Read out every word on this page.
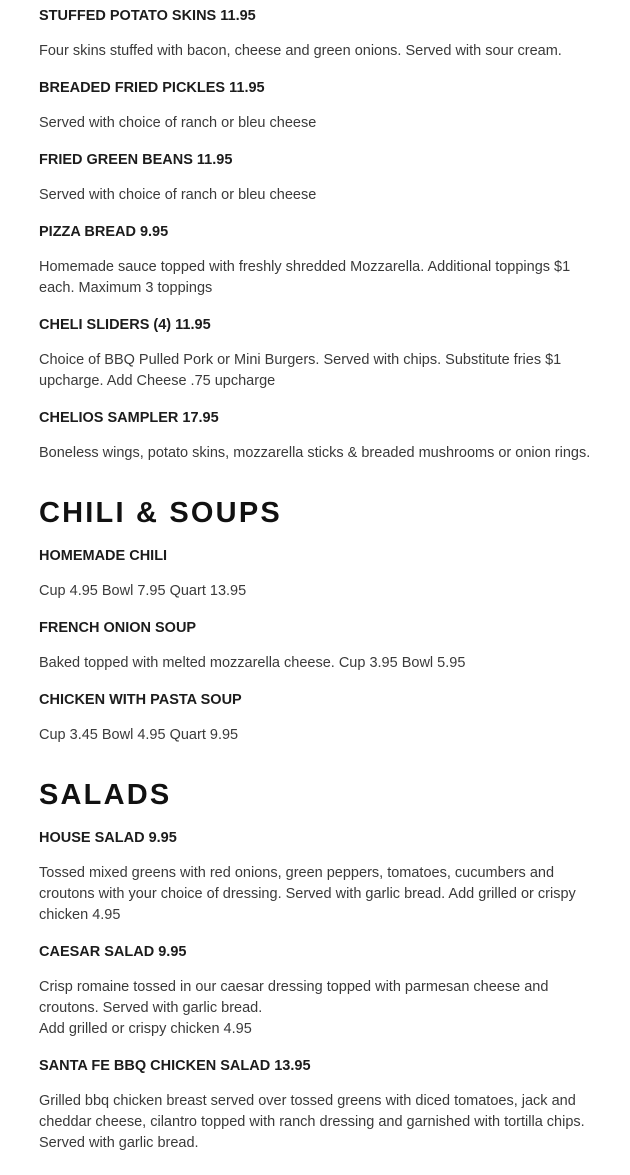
STUFFED POTATO SKINS 11.95
Four skins stuffed with bacon, cheese and green onions. Served with sour cream.
BREADED FRIED PICKLES 11.95
Served with choice of ranch or bleu cheese
FRIED GREEN BEANS 11.95
Served with choice of ranch or bleu cheese
PIZZA BREAD 9.95
Homemade sauce topped with freshly shredded Mozzarella. Additional toppings $1
each. Maximum 3 toppings
CHELI SLIDERS (4) 11.95
Choice of BBQ Pulled Pork or Mini Burgers. Served with chips. Substitute fries $1
upcharge. Add Cheese .75 upcharge
CHELIOS SAMPLER 17.95
Boneless wings, potato skins, mozzarella sticks & breaded mushrooms or onion rings.
CHILI & SOUPS
HOMEMADE CHILI
Cup 4.95 Bowl 7.95 Quart 13.95
FRENCH ONION SOUP
Baked topped with melted mozzarella cheese. Cup 3.95 Bowl 5.95
CHICKEN WITH PASTA SOUP
Cup 3.45 Bowl 4.95 Quart 9.95
SALADS
HOUSE SALAD 9.95
Tossed mixed greens with red onions, green peppers, tomatoes, cucumbers and
croutons with your choice of dressing. Served with garlic bread. Add grilled or crispy
chicken 4.95
CAESAR SALAD 9.95
Crisp romaine tossed in our caesar dressing topped with parmesan cheese and
croutons. Served with garlic bread.
Add grilled or crispy chicken 4.95
SANTA FE BBQ CHICKEN SALAD 13.95
Grilled bbq chicken breast served over tossed greens with diced tomatoes, jack and
cheddar cheese, cilantro topped with ranch dressing and garnished with tortilla chips.
Served with garlic bread.
